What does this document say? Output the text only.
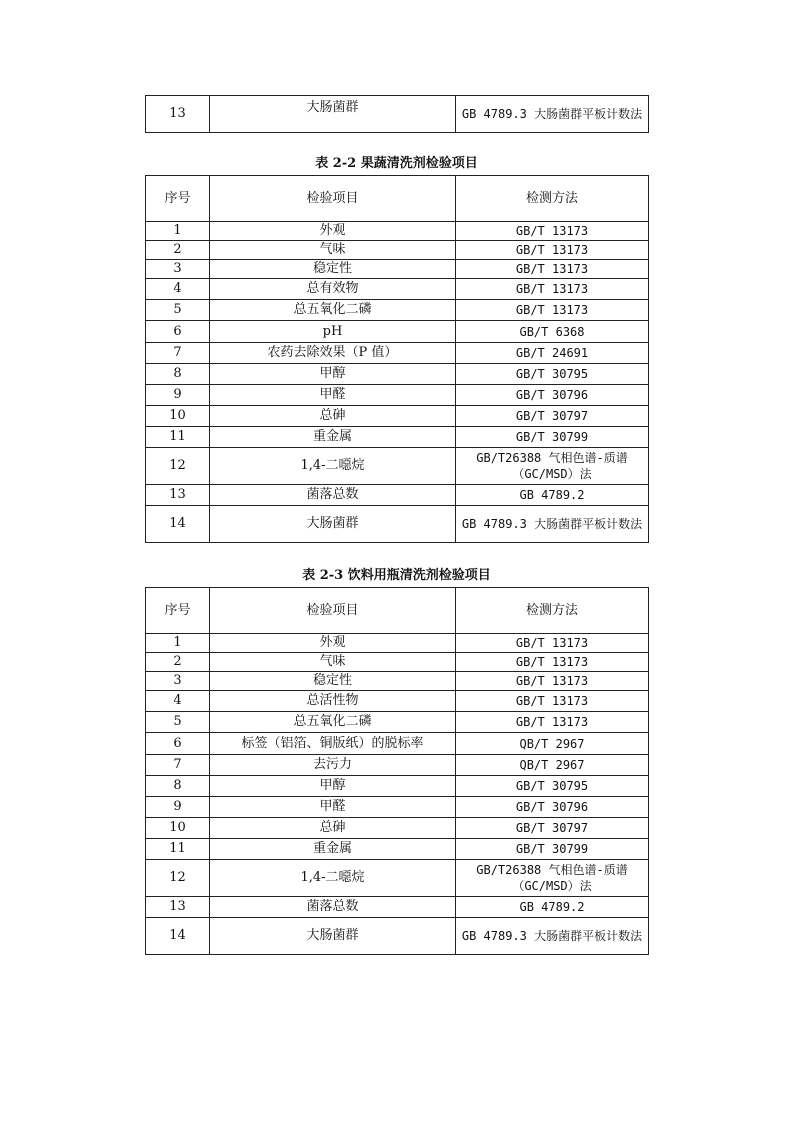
13	大肠菌群	GB 4789.3 大肠菌群平板计数法
表 2-2 果蔬清洗剂检验项目
序号	检验项目	检测方法
1	外观	GB/T 13173
2	气味	GB/T 13173
3	稳定性	GB/T 13173
4	总有效物	GB/T 13173
5	总五氧化二磷	GB/T 13173
6	pH	GB/T 6368
7	农药去除效果（P 值）	GB/T 24691
8	甲醇	GB/T 30795
9	甲醛	GB/T 30796
10	总砷	GB/T 30797
11	重金属	GB/T 30799
12	1,4-二噁烷	GB/T26388 气相色谱-质谱（GC/MSD）法
13	菌落总数	GB 4789.2
14	大肠菌群	GB 4789.3 大肠菌群平板计数法
表 2-3 饮料用瓶清洗剂检验项目
序号	检验项目	检测方法
1	外观	GB/T 13173
2	气味	GB/T 13173
3	稳定性	GB/T 13173
4	总活性物	GB/T 13173
5	总五氧化二磷	GB/T 13173
6	标签（铝箔、铜版纸）的脱标率	QB/T 2967
7	去污力	QB/T 2967
8	甲醇	GB/T 30795
9	甲醛	GB/T 30796
10	总砷	GB/T 30797
11	重金属	GB/T 30799
12	1,4-二噁烷	GB/T26388 气相色谱-质谱（GC/MSD）法
13	菌落总数	GB 4789.2
14	大肠菌群	GB 4789.3 大肠菌群平板计数法
